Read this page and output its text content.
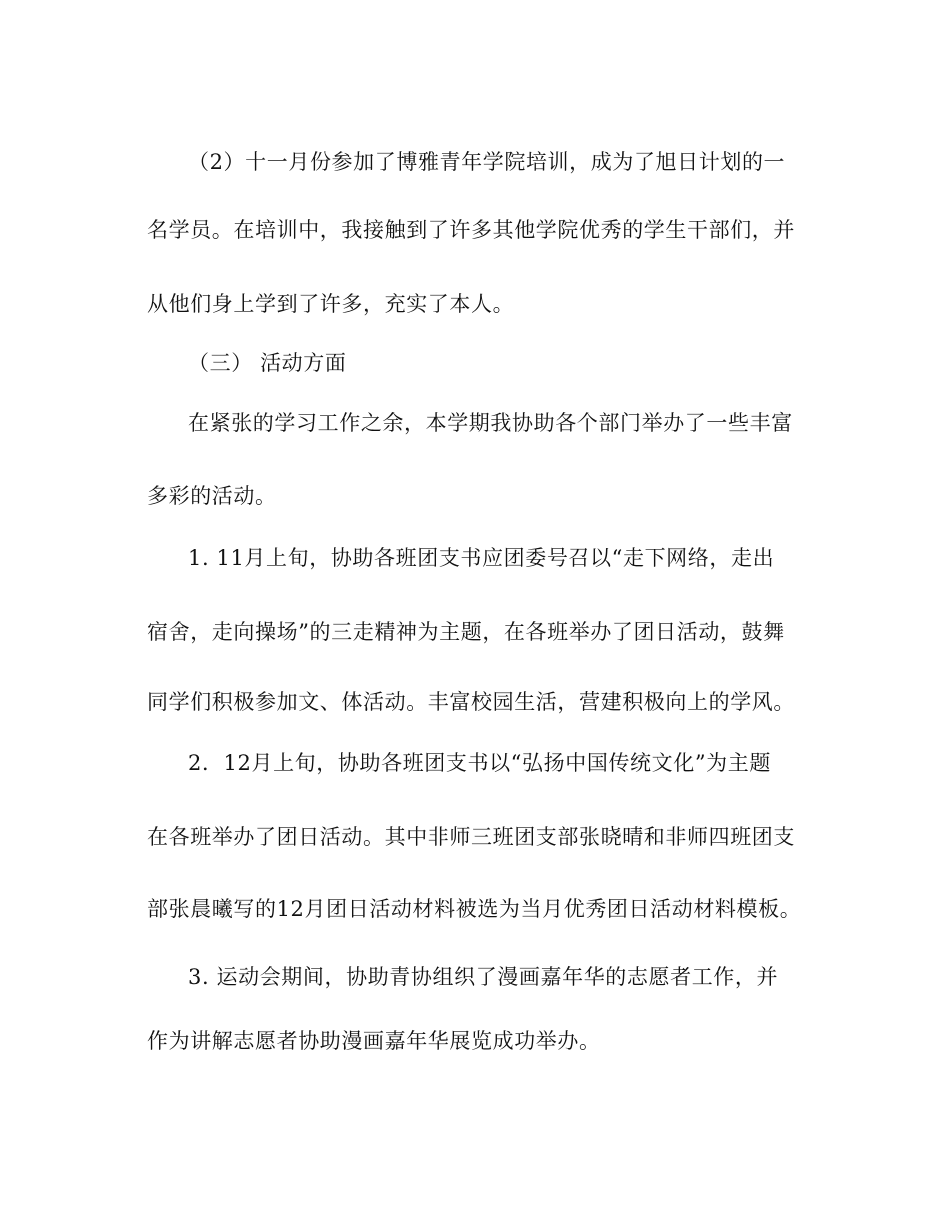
（2）十一月份参加了博雅青年学院培训，成为了旭日计划的一
名学员。在培训中，我接触到了许多其他学院优秀的学生干部们，并
从他们身上学到了许多，充实了本人。
（三） 活动方面
在紧张的学习工作之余，本学期我协助各个部门举办了一些丰富
多彩的活动。
1. 11月上旬，协助各班团支书应团委号召以“走下网络，走出
宿舍，走向操场”的三走精神为主题，在各班举办了团日活动，鼓舞
同学们积极参加文、体活动。丰富校园生活，营建积极向上的学风。
2．12月上旬，协助各班团支书以“弘扬中国传统文化”为主题
在各班举办了团日活动。其中非师三班团支部张晓晴和非师四班团支
部张晨曦写的12月团日活动材料被选为当月优秀团日活动材料模板。
3. 运动会期间，协助青协组织了漫画嘉年华的志愿者工作，并
作为讲解志愿者协助漫画嘉年华展览成功举办。
